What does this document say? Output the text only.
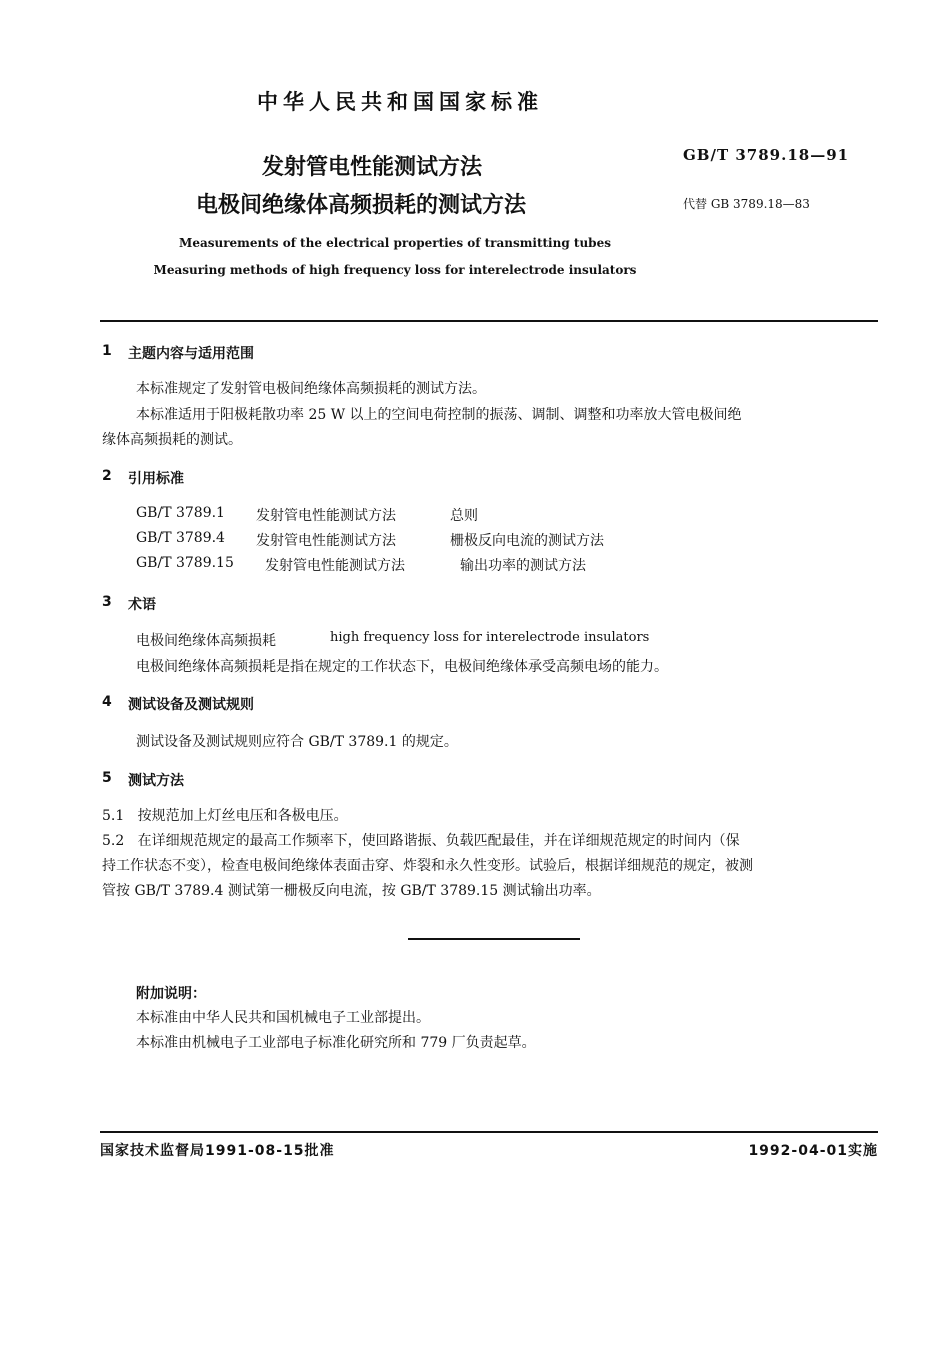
中华人民共和国国家标准
发射管电性能测试方法
电极间绝缘体高频损耗的测试方法
GB/T 3789.18—91
代替 GB 3789.18—83
Measurements of the electrical properties of transmitting tubes
Measuring methods of high frequency loss for interelectrode insulators
1 主题内容与适用范围
本标准规定了发射管电极间绝缘体高频损耗的测试方法。
本标准适用于阳极耗散功率 25 W 以上的空间电荷控制的振荡、调制、调整和功率放大管电极间绝
缘体高频损耗的测试。
2 引用标准
GB/T 3789.1 发射管电性能测试方法	总则
GB/T 3789.4 发射管电性能测试方法	栅极反向电流的测试方法
GB/T 3789.15 发射管电性能测试方法	输出功率的测试方法
3 术语
电极间绝缘体高频损耗	high frequency loss for interelectrode insulators
电极间绝缘体高频损耗是指在规定的工作状态下，电极间绝缘体承受高频电场的能力。
4 测试设备及测试规则
测试设备及测试规则应符合 GB/T 3789.1 的规定。
5 测试方法
5.1   按规范加上灯丝电压和各极电压。
5.2   在详细规范规定的最高工作频率下，使回路谐振、负载匹配最佳，并在详细规范规定的时间内（保
持工作状态不变），检查电极间绝缘体表面击穿、炸裂和永久性变形。试验后，根据详细规范的规定，被测
管按 GB/T 3789.4 测试第一栅极反向电流，按 GB/T 3789.15 测试输出功率。
附加说明：
本标准由中华人民共和国机械电子工业部提出。
本标准由机械电子工业部电子标准化研究所和 779 厂负责起草。
国家技术监督局1991-08-15批准	1992-04-01实施
